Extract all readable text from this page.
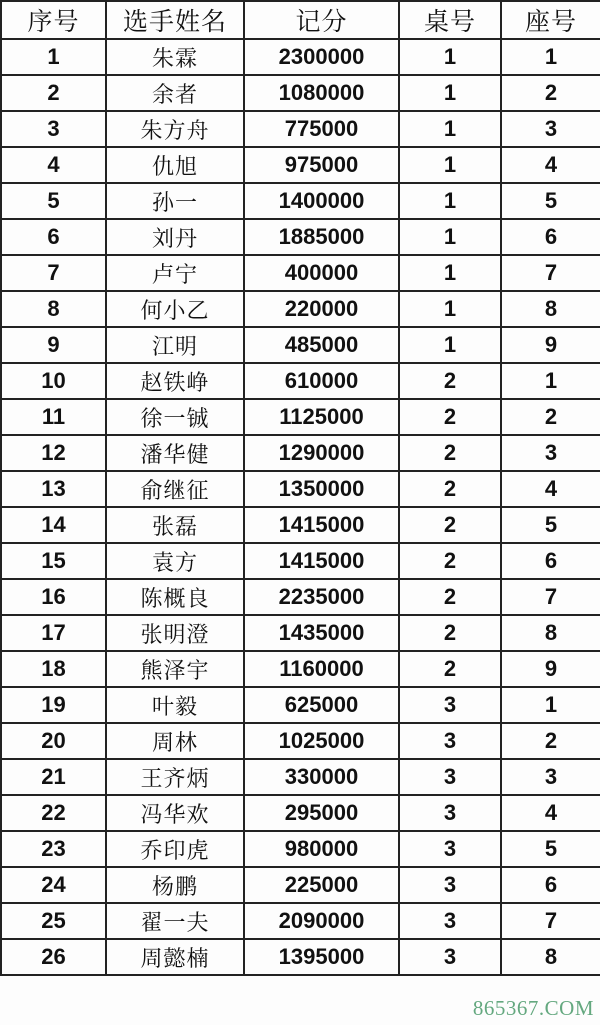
序号	选手姓名	记分	桌号	座号
1	朱霖	2300000	1	1
2	余者	1080000	1	2
3	朱方舟	775000	1	3
4	仇旭	975000	1	4
5	孙一	1400000	1	5
6	刘丹	1885000	1	6
7	卢宁	400000	1	7
8	何小乙	220000	1	8
9	江明	485000	1	9
10	赵铁峥	610000	2	1
11	徐一铖	1125000	2	2
12	潘华健	1290000	2	3
13	俞继征	1350000	2	4
14	张磊	1415000	2	5
15	袁方	1415000	2	6
16	陈概良	2235000	2	7
17	张明澄	1435000	2	8
18	熊泽宇	1160000	2	9
19	叶毅	625000	3	1
20	周林	1025000	3	2
21	王齐炳	330000	3	3
22	冯华欢	295000	3	4
23	乔印虎	980000	3	5
24	杨鹏	225000	3	6
25	翟一夫	2090000	3	7
26	周懿楠	1395000	3	8
865367.COM
